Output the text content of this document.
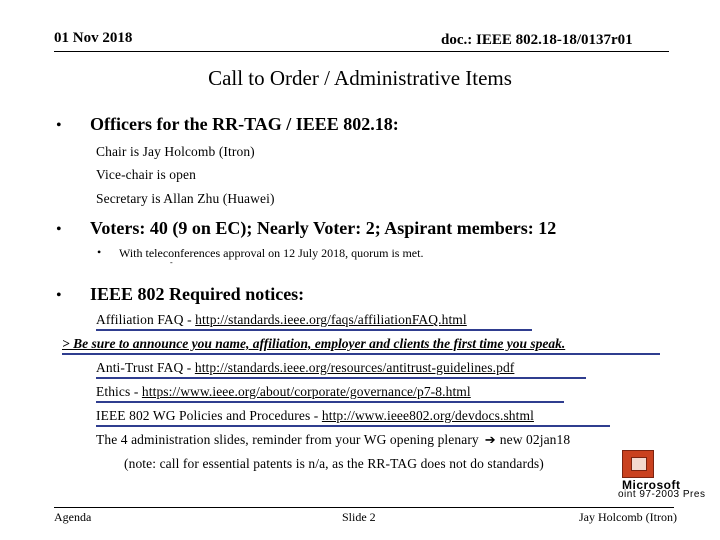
01 Nov 2018	doc.: IEEE 802.18-18/0137r01
Call to Order / Administrative Items
• Officers for the RR-TAG / IEEE 802.18:
Chair is Jay Holcomb (Itron)
Vice-chair is open
Secretary is Allan Zhu (Huawei)
• Voters: 40 (9 on EC); Nearly Voter: 2; Aspirant members: 12
• With teleconferences approval on 12 July 2018, quorum is met.
-
• IEEE 802 Required notices:
Affiliation FAQ - http://standards.ieee.org/faqs/affiliationFAQ.html
> Be sure to announce you name, affiliation, employer and clients the first time you speak.
Anti-Trust FAQ - http://standards.ieee.org/resources/antitrust-guidelines.pdf
Ethics - https://www.ieee.org/about/corporate/governance/p7-8.html
IEEE 802 WG Policies and Procedures - http://www.ieee802.org/devdocs.shtml
The 4 administration slides, reminder from your WG opening plenary ➔ new 02jan18
(note: call for essential patents is n/a, as the RR-TAG does not do standards)
Microsoft
oint 97-2003 Pres
Agenda	Slide 2	Jay Holcomb (Itron)
